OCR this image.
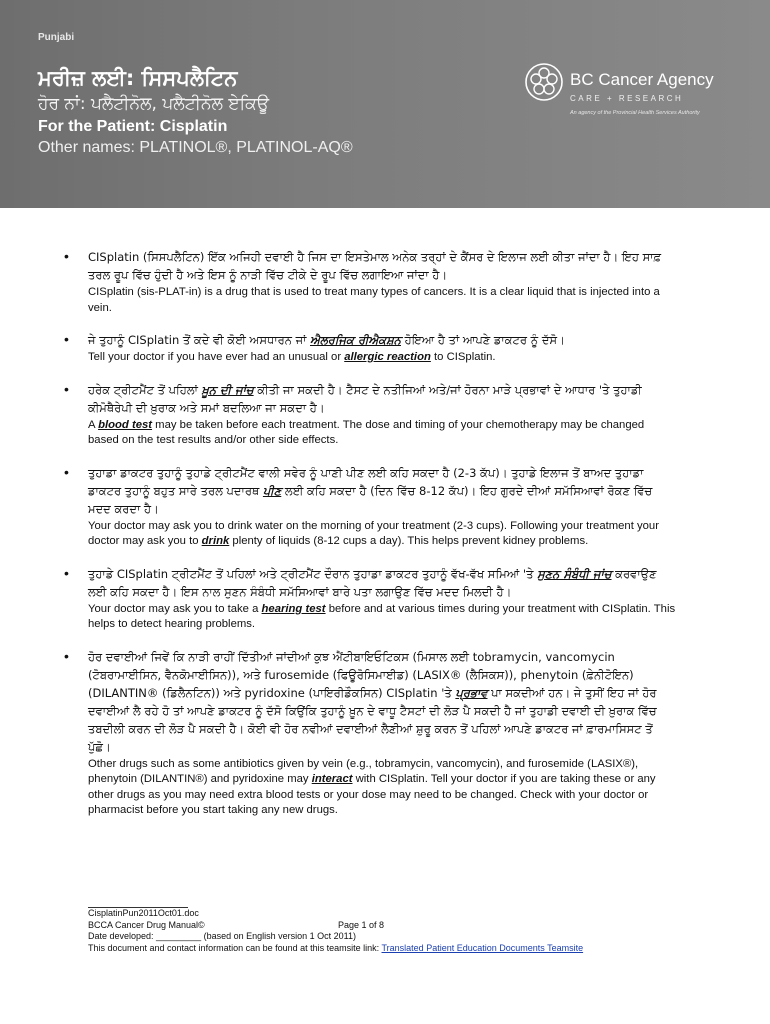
Punjabi
ਮਰੀਜ਼ ਲਈ: ਸਿਸਪਲੈਟਿਨ
ਹੋਰ ਨਾਂ: ਪਲੈਟੀਨੋਲ, ਪਲੈਟੀਨੋਲ ਏਕਿਊ
For the Patient: Cisplatin
Other names: PLATINOL®, PLATINOL-AQ®
BC Cancer Agency
CARE + RESEARCH
An agency of the Provincial Health Services Authority
• CISplatin (ਸਿਸਪਲੈਟਿਨ) ਇੱਕ ਅਜਿਹੀ ਦਵਾਈ ਹੈ ਜਿਸ ਦਾ ਇਸਤੇਮਾਲ ਅਨੇਕ ਤਰ੍ਹਾਂ ਦੇ ਕੈਂਸਰ ਦੇ ਇਲਾਜ ਲਈ ਕੀਤਾ ਜਾਂਦਾ ਹੈ। ਇਹ ਸਾਫ਼ ਤਰਲ ਰੂਪ ਵਿੱਚ ਹੁੰਦੀ ਹੈ ਅਤੇ ਇਸ ਨੂੰ ਨਾੜੀ ਵਿੱਚ ਟੀਕੇ ਦੇ ਰੂਪ ਵਿੱਚ ਲਗਾਇਆ ਜਾਂਦਾ ਹੈ।
CISplatin (sis-PLAT-in) is a drug that is used to treat many types of cancers. It is a clear liquid that is injected into a vein.
• ਜੇ ਤੁਹਾਨੂੰ CISplatin ਤੋਂ ਕਦੇ ਵੀ ਕੋਈ ਅਸਧਾਰਨ ਜਾਂ ਐਲਰਜਿਕ ਰੀਐਕਸ਼ਨ ਹੋਇਆ ਹੈ ਤਾਂ ਆਪਣੇ ਡਾਕਟਰ ਨੂੰ ਦੱਸੋ।
Tell your doctor if you have ever had an unusual or allergic reaction to CISplatin.
• ਹਰੇਕ ਟ੍ਰੀਟਮੈਂਟ ਤੋਂ ਪਹਿਲਾਂ ਖ਼ੂਨ ਦੀ ਜਾਂਚ ਕੀਤੀ ਜਾ ਸਕਦੀ ਹੈ। ਟੈਸਟ ਦੇ ਨਤੀਜਿਆਂ ਅਤੇ/ਜਾਂ ਹੋਰਨਾ ਮਾੜੇ ਪ੍ਰਭਾਵਾਂ ਦੇ ਆਧਾਰ 'ਤੇ ਤੁਹਾਡੀ ਕੀਮੋਥੈਰੇਪੀ ਦੀ ਖ਼ੁਰਾਕ ਅਤੇ ਸਮਾਂ ਬਦਲਿਆ ਜਾ ਸਕਦਾ ਹੈ।
A blood test may be taken before each treatment. The dose and timing of your chemotherapy may be changed based on the test results and/or other side effects.
• ਤੁਹਾਡਾ ਡਾਕਟਰ ਤੁਹਾਨੂੰ ਤੁਹਾਡੇ ਟ੍ਰੀਟਮੈਂਟ ਵਾਲੀ ਸਵੇਰ ਨੂੰ ਪਾਣੀ ਪੀਣ ਲਈ ਕਹਿ ਸਕਦਾ ਹੈ (2-3 ਕੱਪ)। ਤੁਹਾਡੇ ਇਲਾਜ ਤੋਂ ਬਾਅਦ ਤੁਹਾਡਾ ਡਾਕਟਰ ਤੁਹਾਨੂੰ ਬਹੁਤ ਸਾਰੇ ਤਰਲ ਪਦਾਰਥ ਪੀਣ ਲਈ ਕਹਿ ਸਕਦਾ ਹੈ (ਦਿਨ ਵਿੱਚ 8-12 ਕੱਪ)। ਇਹ ਗੁਰਦੇ ਦੀਆਂ ਸਮੱਸਿਆਵਾਂ ਰੋਕਣ ਵਿੱਚ ਮਦਦ ਕਰਦਾ ਹੈ।
Your doctor may ask you to drink water on the morning of your treatment (2-3 cups). Following your treatment your doctor may ask you to drink plenty of liquids (8-12 cups a day). This helps prevent kidney problems.
• ਤੁਹਾਡੇ CISplatin ਟ੍ਰੀਟਮੈਂਟ ਤੋਂ ਪਹਿਲਾਂ ਅਤੇ ਟ੍ਰੀਟਮੈਂਟ ਦੌਰਾਨ ਤੁਹਾਡਾ ਡਾਕਟਰ ਤੁਹਾਨੂੰ ਵੱਖ-ਵੱਖ ਸਮਿਆਂ 'ਤੇ ਸੁਣਨ ਸੰਬੰਧੀ ਜਾਂਚ ਕਰਵਾਉਣ ਲਈ ਕਹਿ ਸਕਦਾ ਹੈ। ਇਸ ਨਾਲ ਸੁਣਨ ਸੰਬੰਧੀ ਸਮੱਸਿਆਵਾਂ ਬਾਰੇ ਪਤਾ ਲਗਾਉਣ ਵਿੱਚ ਮਦਦ ਮਿਲਦੀ ਹੈ।
Your doctor may ask you to take a hearing test before and at various times during your treatment with CISplatin. This helps to detect hearing problems.
• ਹੋਰ ਦਵਾਈਆਂ ਜਿਵੇਂ ਕਿ ਨਾੜੀ ਰਾਹੀਂ ਦਿੱਤੀਆਂ ਜਾਂਦੀਆਂ ਕੁਝ ਐਂਟੀਬਾਇਓਟਿਕਸ (ਮਿਸਾਲ ਲਈ tobramycin, vancomycin (ਟੋਬਰਾਮਾਈਸਿਨ, ਵੈਨਕੋਮਾਈਸਿਨ)), ਅਤੇ furosemide (ਫਿਊਰੋਸਿਮਾਈਡ) (LASIX® (ਲੈਸਿਕਸ)), phenytoin (ਫ਼ੇਨੀਟੋਇਨ) (DILANTIN® (ਡਿਲੈਨਟਿਨ)) ਅਤੇ pyridoxine (ਪਾਇਰੀਡੌਕਸਿਨ) CISplatin 'ਤੇ ਪ੍ਰਭਾਵ ਪਾ ਸਕਦੀਆਂ ਹਨ। ਜੇ ਤੁਸੀਂ ਇਹ ਜਾਂ ਹੋਰ ਦਵਾਈਆਂ ਲੈ ਰਹੇ ਹੋ ਤਾਂ ਆਪਣੇ ਡਾਕਟਰ ਨੂੰ ਦੱਸੋ ਕਿਉਂਕਿ ਤੁਹਾਨੂੰ ਖ਼ੂਨ ਦੇ ਵਾਧੂ ਟੈਸਟਾਂ ਦੀ ਲੋੜ ਪੈ ਸਕਦੀ ਹੈ ਜਾਂ ਤੁਹਾਡੀ ਦਵਾਈ ਦੀ ਖ਼ੁਰਾਕ ਵਿੱਚ ਤਬਦੀਲੀ ਕਰਨ ਦੀ ਲੋੜ ਪੈ ਸਕਦੀ ਹੈ। ਕੋਈ ਵੀ ਹੋਰ ਨਵੀਆਂ ਦਵਾਈਆਂ ਲੈਣੀਆਂ ਸ਼ੁਰੂ ਕਰਨ ਤੋਂ ਪਹਿਲਾਂ ਆਪਣੇ ਡਾਕਟਰ ਜਾਂ ਫ਼ਾਰਮਾਸਿਸਟ ਤੋਂ ਪੁੱਛੋ।
Other drugs such as some antibiotics given by vein (e.g., tobramycin, vancomycin), and furosemide (LASIX®), phenytoin (DILANTIN®) and pyridoxine may interact with CISplatin. Tell your doctor if you are taking these or any other drugs as you may need extra blood tests or your dose may need to be changed. Check with your doctor or pharmacist before you start taking any new drugs.
CisplatinPun2011Oct01.doc
BCCA Cancer Drug Manual©	Page 1 of 8
Date developed: _________ (based on English version 1 Oct 2011)
This document and contact information can be found at this teamsite link: Translated Patient Education Documents Teamsite
